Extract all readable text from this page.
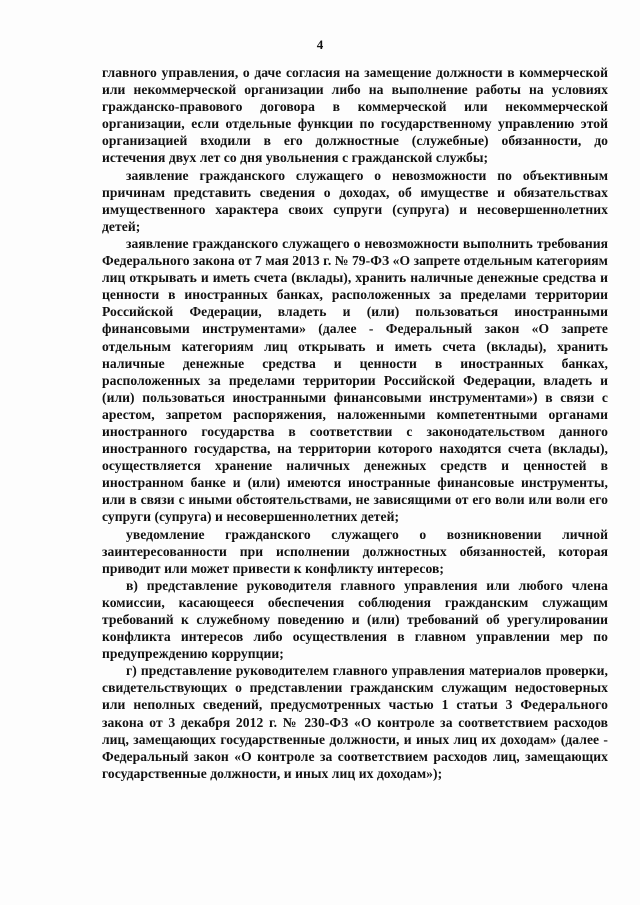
4

главного управления, о даче согласия на замещение должности в коммерческой или некоммерческой организации либо на выполнение работы на условиях гражданско-правового договора в коммерческой или некоммерческой организации, если отдельные функции по государственному управлению этой организацией входили в его должностные (служебные) обязанности, до истечения двух лет со дня увольнения с гражданской службы;

заявление гражданского служащего о невозможности по объективным причинам представить сведения о доходах, об имуществе и обязательствах имущественного характера своих супруги (супруга) и несовершеннолетних детей;

заявление гражданского служащего о невозможности выполнить требования Федерального закона от 7 мая 2013 г. № 79-ФЗ «О запрете отдельным категориям лиц открывать и иметь счета (вклады), хранить наличные денежные средства и ценности в иностранных банках, расположенных за пределами территории Российской Федерации, владеть и (или) пользоваться иностранными финансовыми инструментами» (далее - Федеральный закон «О запрете отдельным категориям лиц открывать и иметь счета (вклады), хранить наличные денежные средства и ценности в иностранных банках, расположенных за пределами территории Российской Федерации, владеть и (или) пользоваться иностранными финансовыми инструментами») в связи с арестом, запретом распоряжения, наложенными компетентными органами иностранного государства в соответствии с законодательством данного иностранного государства, на территории которого находятся счета (вклады), осуществляется хранение наличных денежных средств и ценностей в иностранном банке и (или) имеются иностранные финансовые инструменты, или в связи с иными обстоятельствами, не зависящими от его воли или воли его супруги (супруга) и несовершеннолетних детей;

уведомление гражданского служащего о возникновении личной заинтересованности при исполнении должностных обязанностей, которая приводит или может привести к конфликту интересов;

в) представление руководителя главного управления или любого члена комиссии, касающееся обеспечения соблюдения гражданским служащим требований к служебному поведению и (или) требований об урегулировании конфликта интересов либо осуществления в главном управлении мер по предупреждению коррупции;

г) представление руководителем главного управления материалов проверки, свидетельствующих о представлении гражданским служащим недостоверных или неполных сведений, предусмотренных частью 1 статьи 3 Федерального закона от 3 декабря 2012 г. № 230-ФЗ «О контроле за соответствием расходов лиц, замещающих государственные должности, и иных лиц их доходам» (далее - Федеральный закон «О контроле за соответствием расходов лиц, замещающих государственные должности, и иных лиц их доходам»);
